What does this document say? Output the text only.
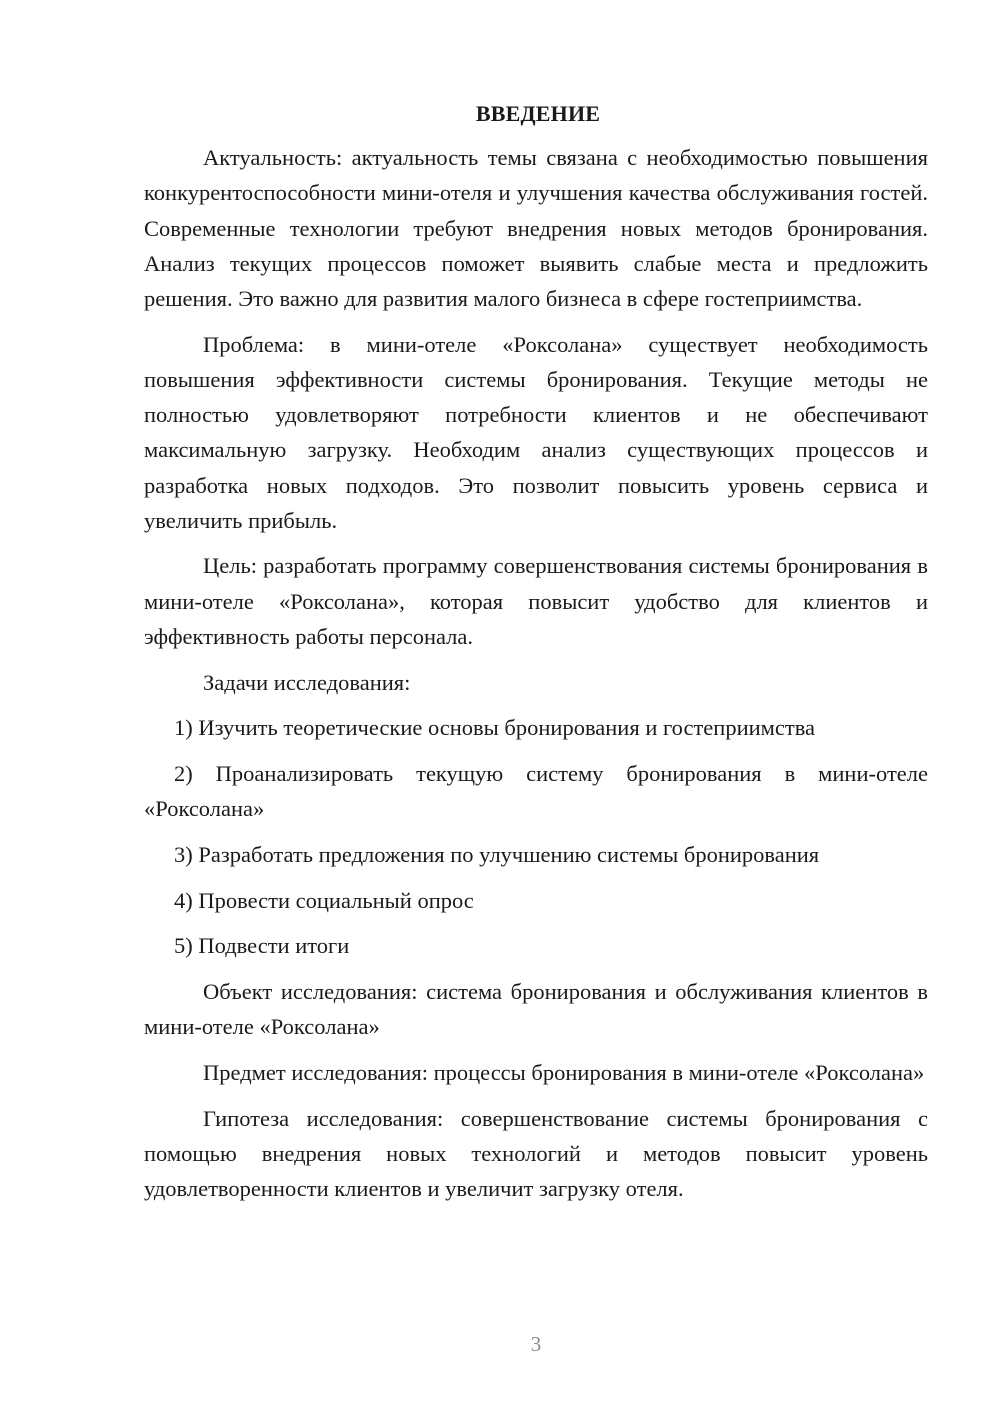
ВВЕДЕНИЕ

Актуальность: актуальность темы связана с необходимостью повышения конкурентоспособности мини-отеля и улучшения качества обслуживания гостей. Современные технологии требуют внедрения новых методов бронирования. Анализ текущих процессов поможет выявить слабые места и предложить решения. Это важно для развития малого бизнеса в сфере гостеприимства.

Проблема: в мини-отеле «Роксолана» существует необходимость повышения эффективности системы бронирования. Текущие методы не полностью удовлетворяют потребности клиентов и не обеспечивают максимальную загрузку. Необходим анализ существующих процессов и разработка новых подходов. Это позволит повысить уровень сервиса и увеличить прибыль.

Цель: разработать программу совершенствования системы бронирования в мини-отеле «Роксолана», которая повысит удобство для клиентов и эффективность работы персонала.

Задачи исследования:

1) Изучить теоретические основы бронирования и гостеприимства

2) Проанализировать текущую систему бронирования в мини-отеле «Роксолана»

3) Разработать предложения по улучшению системы бронирования

4) Провести социальный опрос

5) Подвести итоги

Объект исследования: система бронирования и обслуживания клиентов в мини-отеле «Роксолана»

Предмет исследования: процессы бронирования в мини-отеле «Роксолана»

Гипотеза исследования: совершенствование системы бронирования с помощью внедрения новых технологий и методов повысит уровень удовлетворенности клиентов и увеличит загрузку отеля.

3
